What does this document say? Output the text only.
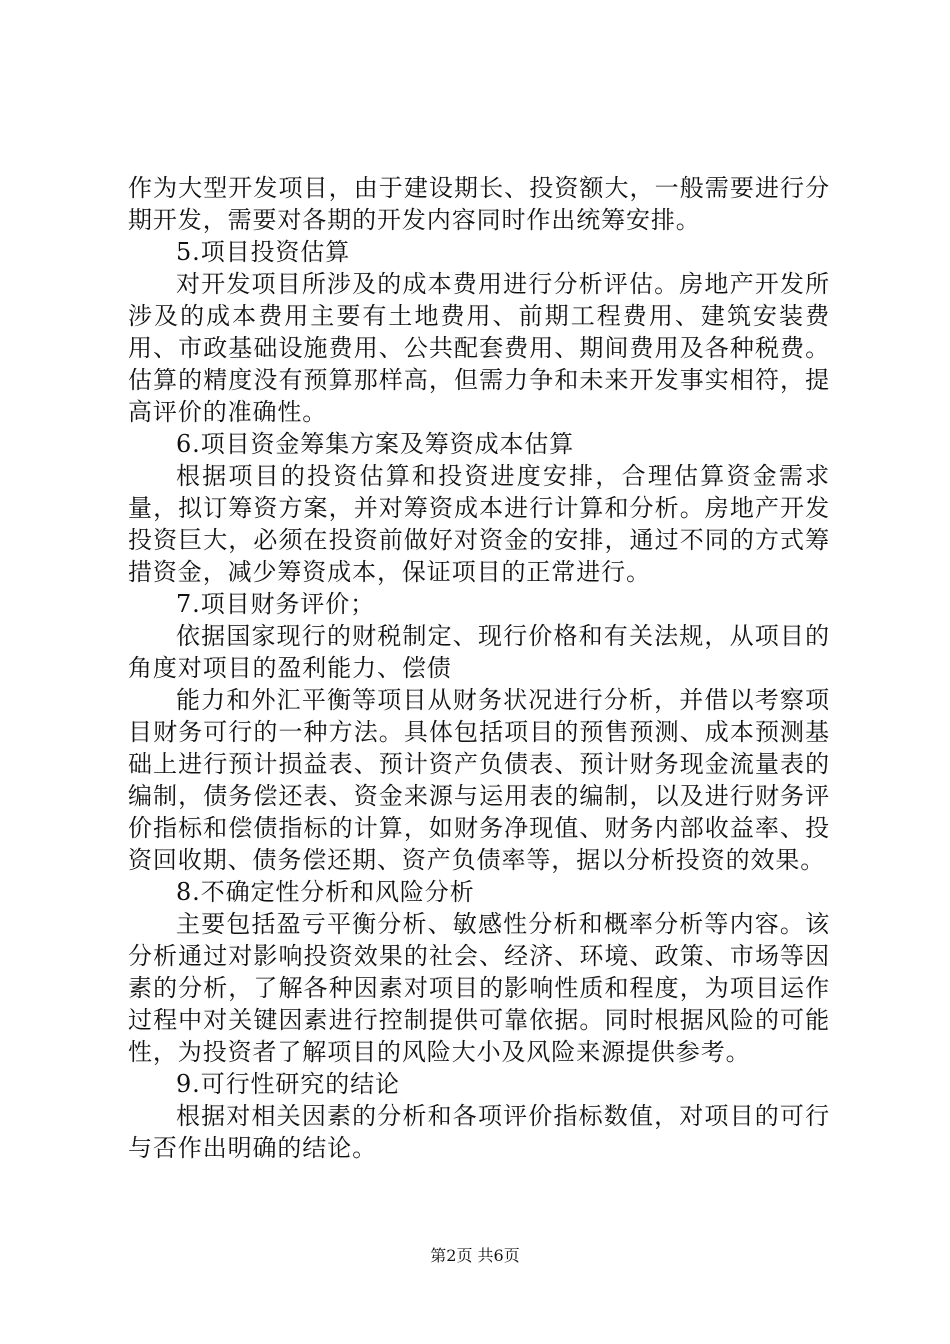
作为大型开发项目，由于建设期长、投资额大，一般需要进行分期开发，需要对各期的开发内容同时作出统筹安排。

5.项目投资估算

对开发项目所涉及的成本费用进行分析评估。房地产开发所涉及的成本费用主要有土地费用、前期工程费用、建筑安装费用、市政基础设施费用、公共配套费用、期间费用及各种税费。估算的精度没有预算那样高，但需力争和未来开发事实相符，提高评价的准确性。

6.项目资金筹集方案及筹资成本估算

根据项目的投资估算和投资进度安排，合理估算资金需求量，拟订筹资方案，并对筹资成本进行计算和分析。房地产开发投资巨大，必须在投资前做好对资金的安排，通过不同的方式筹措资金，减少筹资成本，保证项目的正常进行。

7.项目财务评价；

依据国家现行的财税制定、现行价格和有关法规，从项目的角度对项目的盈利能力、偿债

能力和外汇平衡等项目从财务状况进行分析，并借以考察项目财务可行的一种方法。具体包括项目的预售预测、成本预测基础上进行预计损益表、预计资产负债表、预计财务现金流量表的编制，债务偿还表、资金来源与运用表的编制，以及进行财务评价指标和偿债指标的计算，如财务净现值、财务内部收益率、投资回收期、债务偿还期、资产负债率等，据以分析投资的效果。

8.不确定性分析和风险分析

主要包括盈亏平衡分析、敏感性分析和概率分析等内容。该分析通过对影响投资效果的社会、经济、环境、政策、市场等因素的分析，了解各种因素对项目的影响性质和程度，为项目运作过程中对关键因素进行控制提供可靠依据。同时根据风险的可能性，为投资者了解项目的风险大小及风险来源提供参考。

9.可行性研究的结论

根据对相关因素的分析和各项评价指标数值，对项目的可行与否作出明确的结论。

第2页 共6页
